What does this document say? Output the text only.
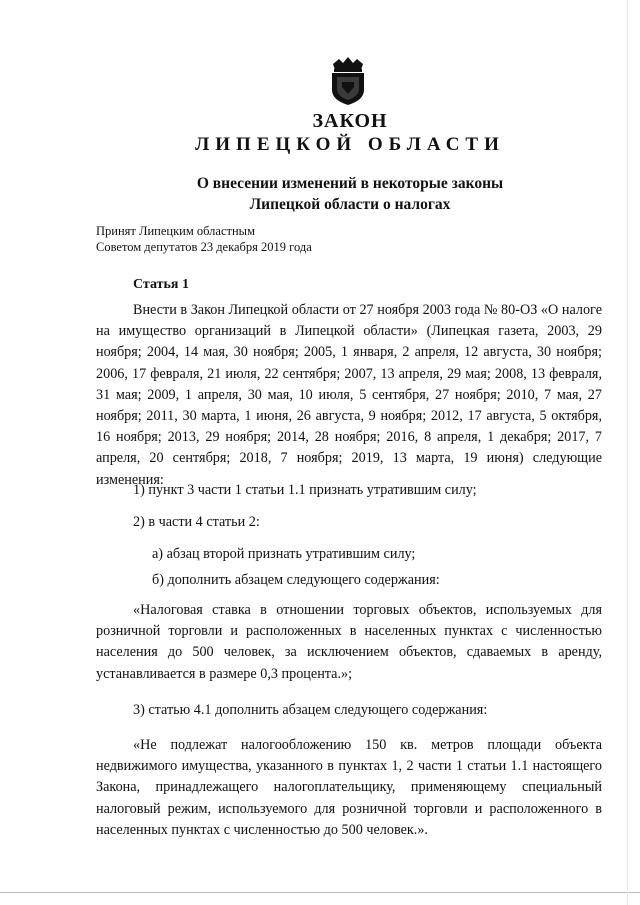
ЗАКОН
ЛИПЕЦКОЙ ОБЛАСТИ
О внесении изменений в некоторые законы
Липецкой области о налогах
Принят Липецким областным
Советом депутатов 23 декабря 2019 года
Статья 1
Внести в Закон Липецкой области от 27 ноября 2003 года № 80-ОЗ «О налоге на имущество организаций в Липецкой области» (Липецкая газета, 2003, 29 ноября; 2004, 14 мая, 30 ноября; 2005, 1 января, 2 апреля, 12 августа, 30 ноября; 2006, 17 февраля, 21 июля, 22 сентября; 2007, 13 апреля, 29 мая; 2008, 13 февраля, 31 мая; 2009, 1 апреля, 30 мая, 10 июля, 5 сентября, 27 ноября; 2010, 7 мая, 27 ноября; 2011, 30 марта, 1 июня, 26 августа, 9 ноября; 2012, 17 августа, 5 октября, 16 ноября; 2013, 29 ноября; 2014, 28 ноября; 2016, 8 апреля, 1 декабря; 2017, 7 апреля, 20 сентября; 2018, 7 ноября; 2019, 13 марта, 19 июня) следующие изменения:
1) пункт 3 части 1 статьи 1.1 признать утратившим силу;
2) в части 4 статьи 2:
а) абзац второй признать утратившим силу;
б) дополнить абзацем следующего содержания:
«Налоговая ставка в отношении торговых объектов, используемых для розничной торговли и расположенных в населенных пунктах с численностью населения до 500 человек, за исключением объектов, сдаваемых в аренду, устанавливается в размере 0,3 процента.»;
3) статью 4.1 дополнить абзацем следующего содержания:
«Не подлежат налогообложению 150 кв. метров площади объекта недвижимого имущества, указанного в пунктах 1, 2 части 1 статьи 1.1 настоящего Закона, принадлежащего налогоплательщику, применяющему специальный налоговый режим, используемого для розничной торговли и расположенного в населенных пунктах с численностью до 500 человек.».
